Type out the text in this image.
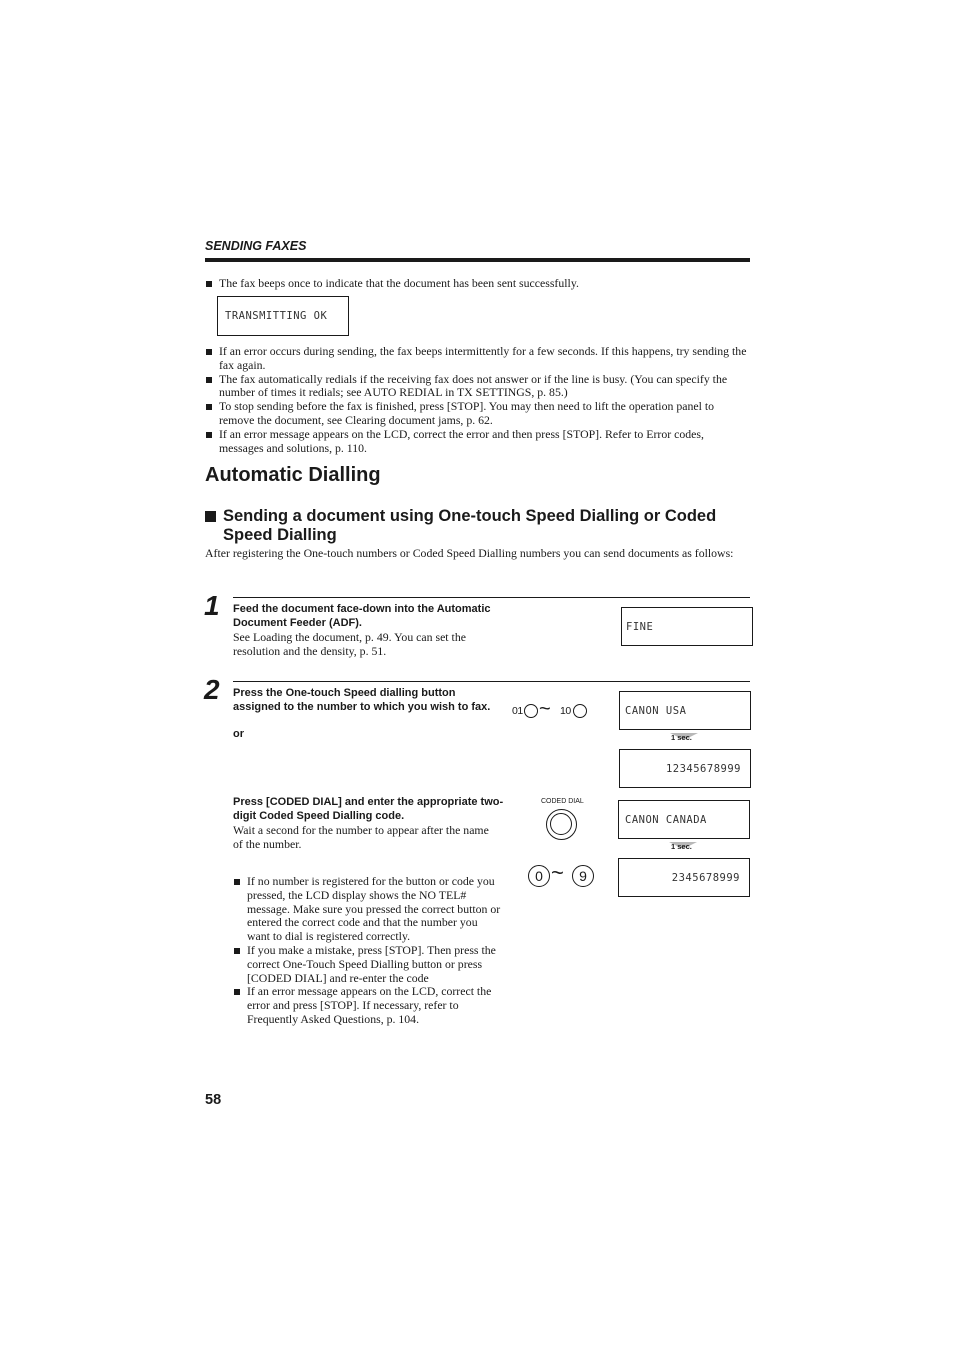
SENDING FAXES
The fax beeps once to indicate that the document has been sent successfully.
TRANSMITTING OK
If an error occurs during sending, the fax beeps intermittently for a few seconds. If this happens, try sending the fax again.
The fax automatically redials if the receiving fax does not answer or if the line is busy. (You can specify the number of times it redials; see AUTO REDIAL in TX SETTINGS, p. 85.)
To stop sending before the fax is finished, press [STOP]. You may then need to lift the operation panel to remove the document, see Clearing document jams, p. 62.
If an error message appears on the LCD, correct the error and then press [STOP]. Refer to Error codes, messages and solutions, p. 110.
Automatic Dialling
Sending a document using One-touch Speed Dialling or Coded Speed Dialling
After registering the One-touch numbers or Coded Speed Dialling numbers you can send documents as follows:
1 Feed the document face-down into the Automatic Document Feeder (ADF).
See Loading the document, p. 49. You can set the resolution and the density, p. 51.
FINE
2 Press the One-touch Speed dialling button assigned to the number to which you wish to fax.
or
Press [CODED DIAL] and enter the appropriate two-digit Coded Speed Dialling code.
Wait a second for the number to appear after the name of the number.
If no number is registered for the button or code you pressed, the LCD display shows the NO TEL# message. Make sure you pressed the correct button or entered the correct code and that the number you want to dial is registered correctly.
If you make a mistake, press [STOP]. Then press the correct One-Touch Speed Dialling button or press [CODED DIAL] and re-enter the code
If an error message appears on the LCD, correct the error and press [STOP]. If necessary, refer to Frequently Asked Questions, p. 104.
01 ~ 10
CODED DIAL
0 ~	9
CANON USA
1 sec.
12345678999
CANON CANADA
1 sec.
2345678999
58
